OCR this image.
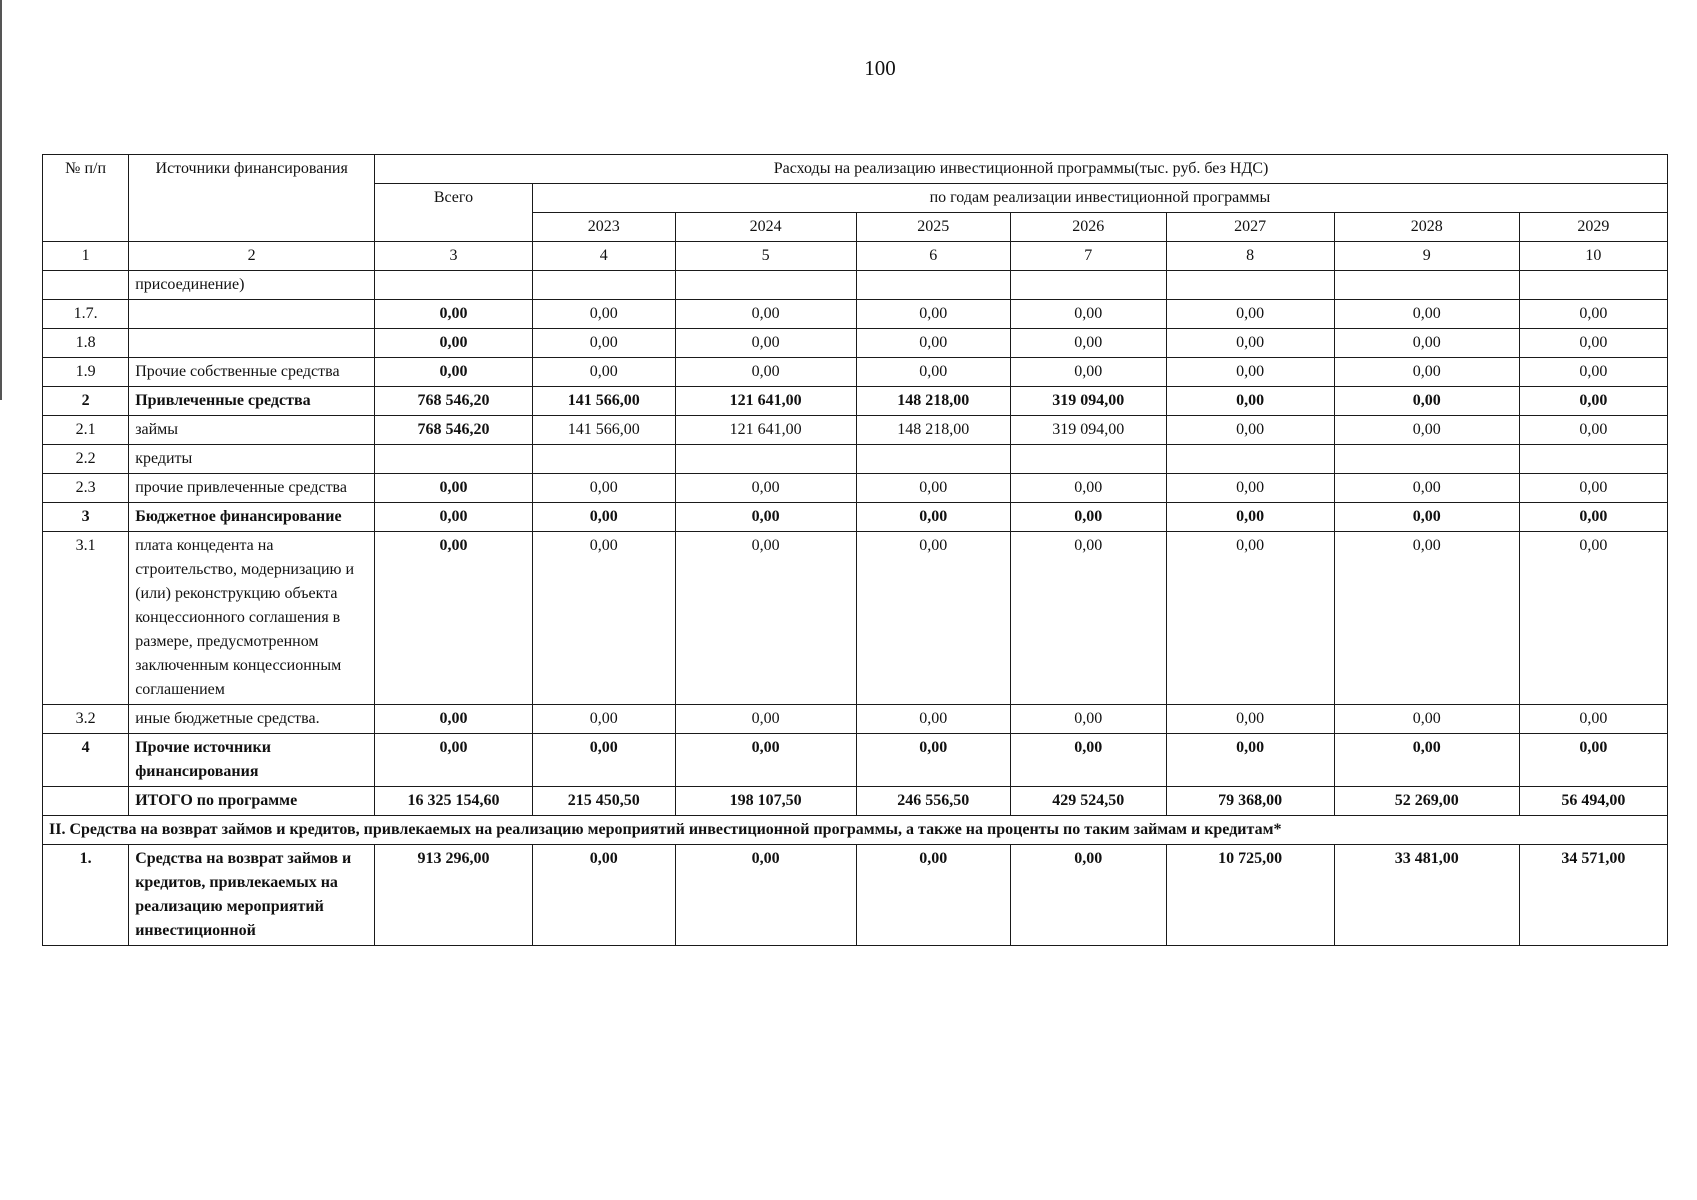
100
№ п/п	Источники финансирования	Расходы на реализацию инвестиционной программы(тыс. руб. без НДС)							
		Всего	по годам реализации инвестиционной программы						
			2023	2024	2025	2026	2027	2028	2029
1	2	3	4	5	6	7	8	9	10
	присоединение)								
1.7.		0,00	0,00	0,00	0,00	0,00	0,00	0,00	0,00
1.8		0,00	0,00	0,00	0,00	0,00	0,00	0,00	0,00
1.9	Прочие собственные средства	0,00	0,00	0,00	0,00	0,00	0,00	0,00	0,00
2	Привлеченные средства	768 546,20	141 566,00	121 641,00	148 218,00	319 094,00	0,00	0,00	0,00
2.1	займы	768 546,20	141 566,00	121 641,00	148 218,00	319 094,00	0,00	0,00	0,00
2.2	кредиты								
2.3	прочие привлеченные средства	0,00	0,00	0,00	0,00	0,00	0,00	0,00	0,00
3	Бюджетное финансирование	0,00	0,00	0,00	0,00	0,00	0,00	0,00	0,00
3.1	плата концедента на строительство, модернизацию и (или) реконструкцию объекта концессионного соглашения в размере, предусмотренном заключенным концессионным соглашением	0,00	0,00	0,00	0,00	0,00	0,00	0,00	0,00
3.2	иные бюджетные средства.	0,00	0,00	0,00	0,00	0,00	0,00	0,00	0,00
4	Прочие источники финансирования	0,00	0,00	0,00	0,00	0,00	0,00	0,00	0,00
	ИТОГО по программе	16 325 154,60	215 450,50	198 107,50	246 556,50	429 524,50	79 368,00	52 269,00	56 494,00
II. Средства на возврат займов и кредитов, привлекаемых на реализацию мероприятий инвестиционной программы, а также на проценты по таким займам и кредитам*									
1.	Средства на возврат займов и кредитов, привлекаемых на реализацию мероприятий инвестиционной	913 296,00	0,00	0,00	0,00	0,00	10 725,00	33 481,00	34 571,00
